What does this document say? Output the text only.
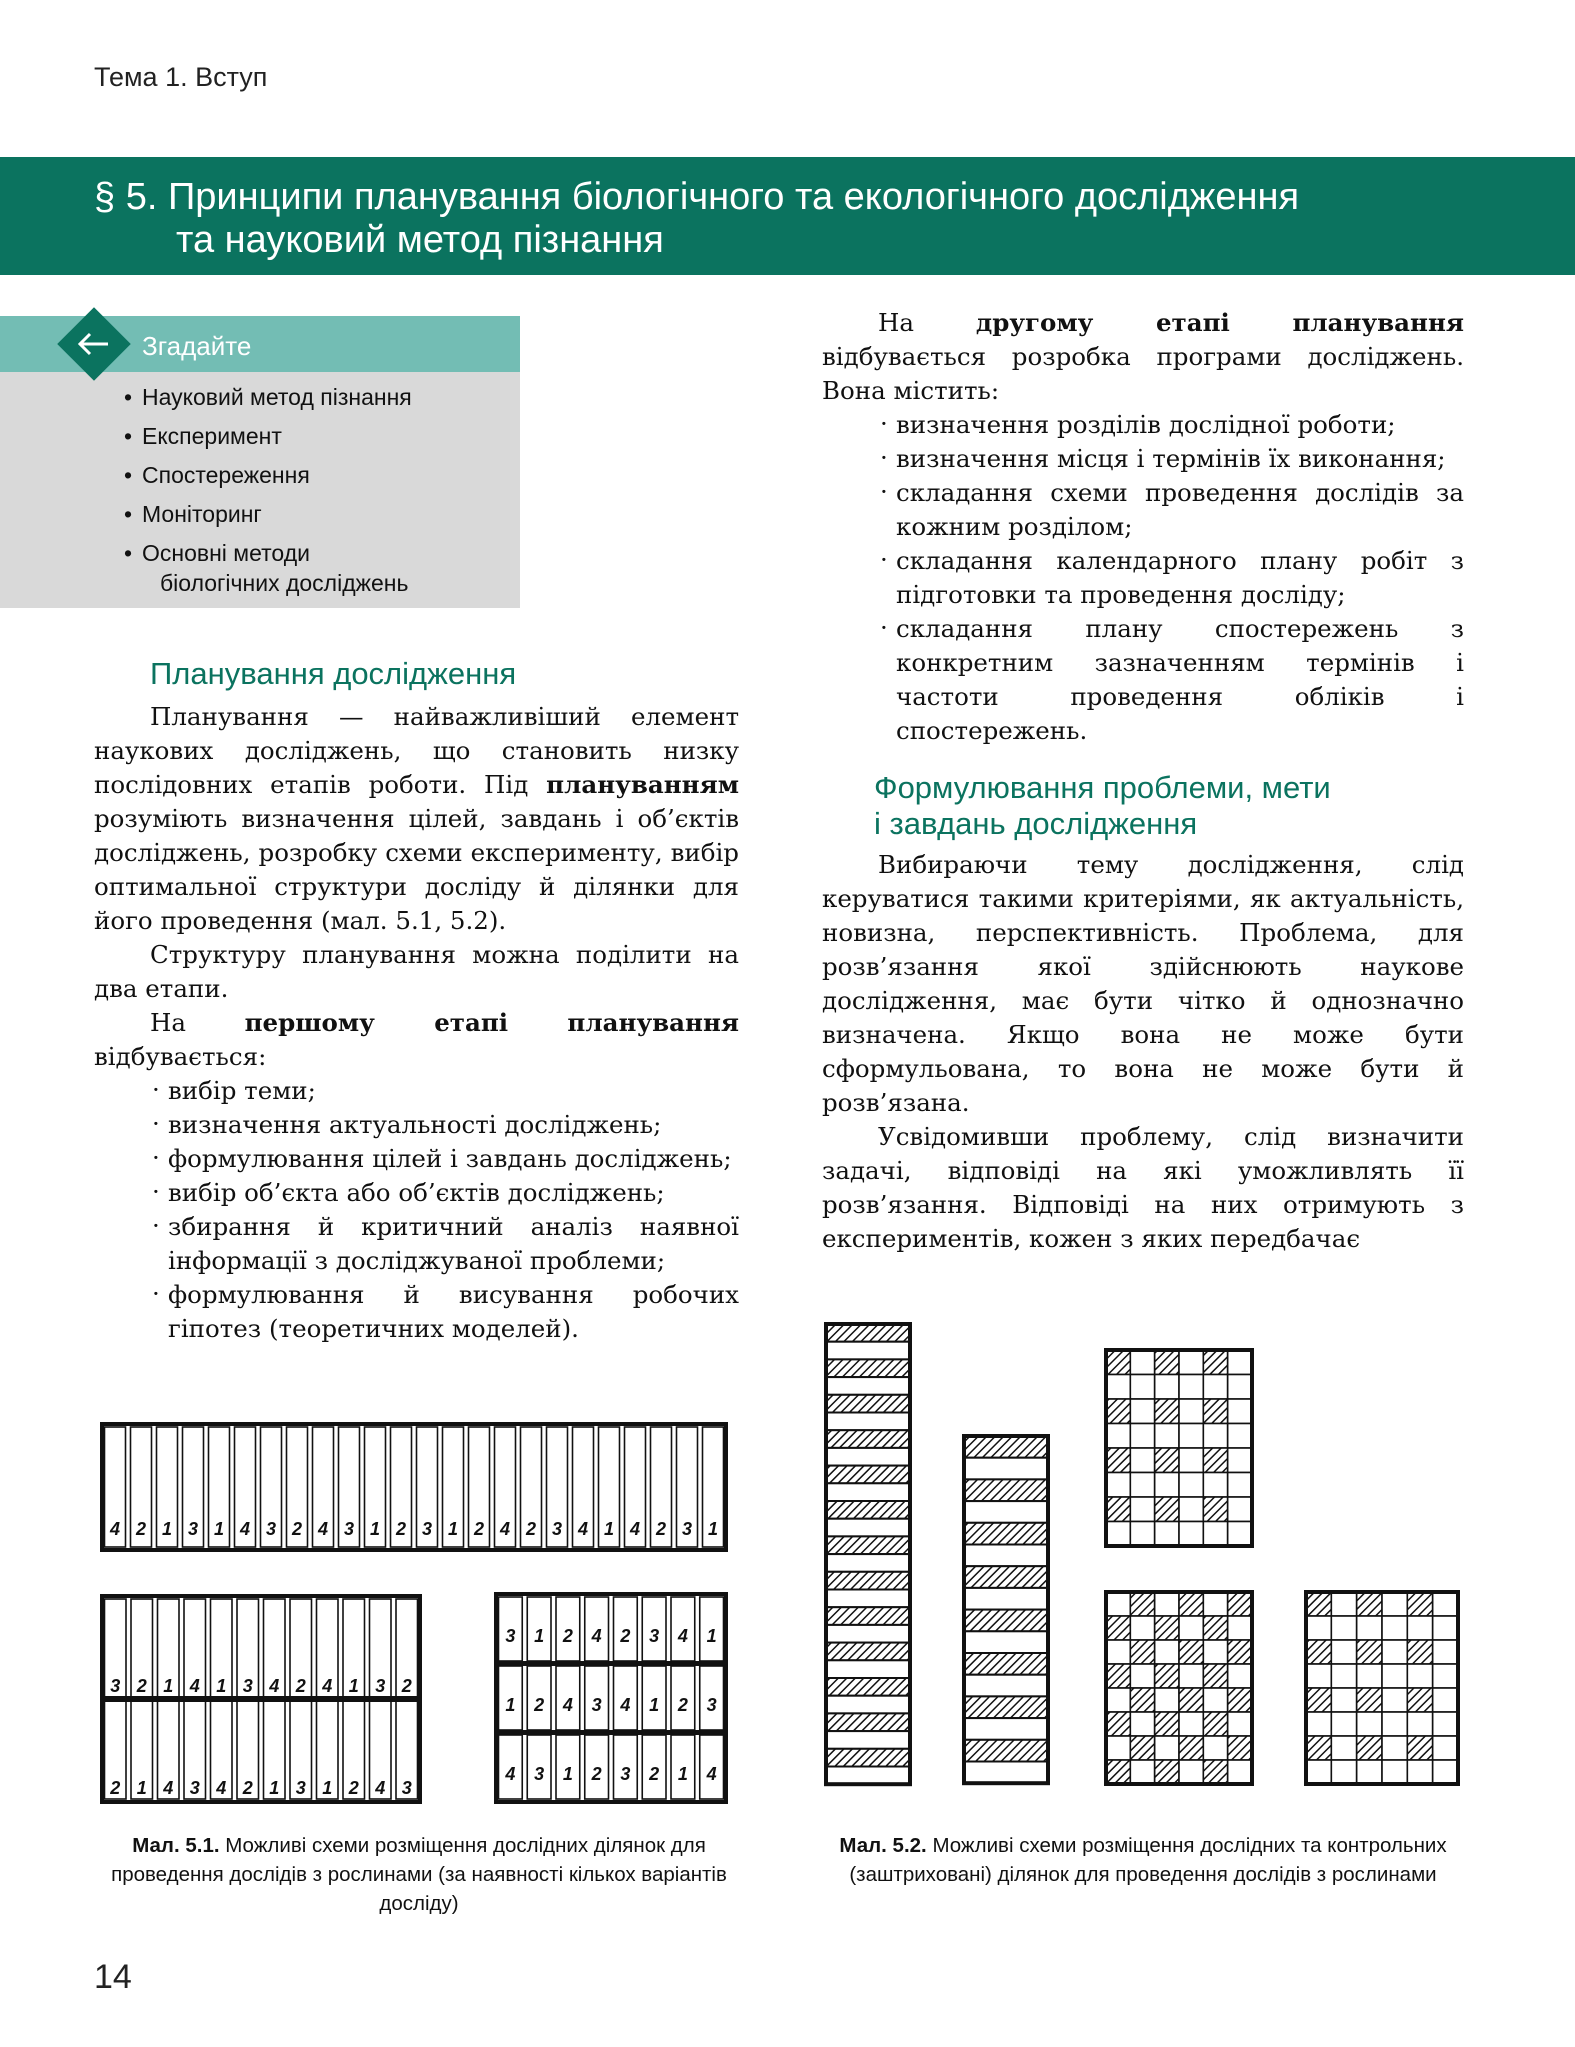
Тема 1. Вступ
§ 5. Принципи планування біологічного та екологічного дослідження
та науковий метод пізнання
Згадайте
• Науковий метод пізнання
• Експеримент
• Спостереження
• Моніторинг
• Основні методи
біологічних досліджень
Планування дослідження

Планування — найважливіший елемент наукових досліджень, що становить низку послідовних етапів роботи. Під плануванням розуміють визначення цілей, завдань і об’єктів досліджень, розробку схеми експерименту, вибір оптимальної структури досліду й ділянки для його проведення (мал. 5.1, 5.2).

Структуру планування можна поділити на два етапи.

На першому етапі планування відбувається:

· вибір теми;
· визначення актуальності досліджень;
· формулювання цілей і завдань досліджень;
· вибір об’єкта або об’єктів досліджень;
· збирання й критичний аналіз наявної інформації з досліджуваної проблеми;
· формулювання й висування робочих гіпотез (теоретичних моделей).

На другому етапі планування відбувається розробка програми досліджень. Вона містить:

· визначення розділів дослідної роботи;
· визначення місця і термінів їх виконання;
· складання схеми проведення дослідів за кожним розділом;
· складання календарного плану робіт з підготовки та проведення досліду;
· складання плану спостережень з конкретним зазначенням термінів і частоти проведення обліків і спостережень.
Формулювання проблеми, мети
і завдань дослідження

Вибираючи тему дослідження, слід керуватися такими критеріями, як актуальність, новизна, перспективність. Проблема, для розв’язання якої здійснюють наукове дослідження, має бути чітко й однозначно визначена. Якщо вона не може бути сформульована, то вона не може бути й розв’язана.

Усвідомивши проблему, слід визначити задачі, відповіді на які уможливлять її розв’язання. Відповіді на них отримують з експериментів, кожен з яких передбачає

4 2 1 3 1 4 3 2 4 3 1 2 3 1 2 4 2 3 4 1 4 2 3 1
3 2 1 4 1 3 4 2 4 1 3 2
2 1 4 3 4 2 1 3 1 2 4 3
3 1 2 4 2 3 4 1
1 2 4 3 4 1 2 3
4 3 1 2 3 2 1 4
Мал. 5.1. Можливі схеми розміщення дослідних ділянок для проведення дослідів з рослинами (за наявності кількох варіантів досліду)
Мал. 5.2. Можливі схеми розміщення дослідних та контрольних (заштриховані) ділянок для проведення дослідів з рослинами
14
